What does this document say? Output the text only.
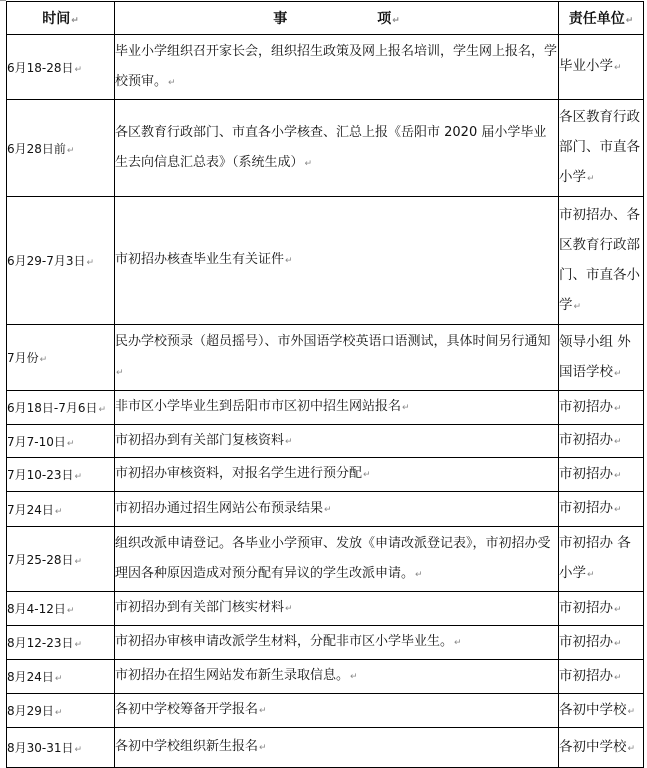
时间↵	事 项↵	责任单位↵
6月18-28日↵	毕业小学组织召开家长会，组织招生政策及网上报名培训，学生网上报名，学校预审。↵	毕业小学↵
6月28日前↵	各区教育行政部门、市直各小学核查、汇总上报《岳阳市 2020 届小学毕业生去向信息汇总表》（系统生成）↵	各区教育行政部门、市直各小学↵
6月29-7月3日↵	市初招办核查毕业生有关证件↵	市初招办、各区教育行政部门、市直各小学↵
7月份↵	民办学校预录（超员摇号）、市外国语学校英语口语测试，具体时间另行通知↵	领导小组 外国语学校↵
6月18日-7月6日↵	非市区小学毕业生到岳阳市市区初中招生网站报名↵	市初招办↵
7月7-10日↵	市初招办到有关部门复核资料↵	市初招办↵
7月10-23日↵	市初招办审核资料，对报名学生进行预分配↵	市初招办↵
7月24日↵	市初招办通过招生网站公布预录结果↵	市初招办↵
7月25-28日↵	组织改派申请登记。各毕业小学预审、发放《申请改派登记表》，市初招办受理因各种原因造成对预分配有异议的学生改派申请。↵	市初招办 各小学↵
8月4-12日↵	市初招办到有关部门核实材料↵	市初招办↵
8月12-23日↵	市初招办审核申请改派学生材料，分配非市区小学毕业生。↵	市初招办↵
8月24日↵	市初招办在招生网站发布新生录取信息。↵	市初招办↵
8月29日↵	各初中学校筹备开学报名↵	各初中学校↵
8月30-31日↵	各初中学校组织新生报名↵	各初中学校↵
